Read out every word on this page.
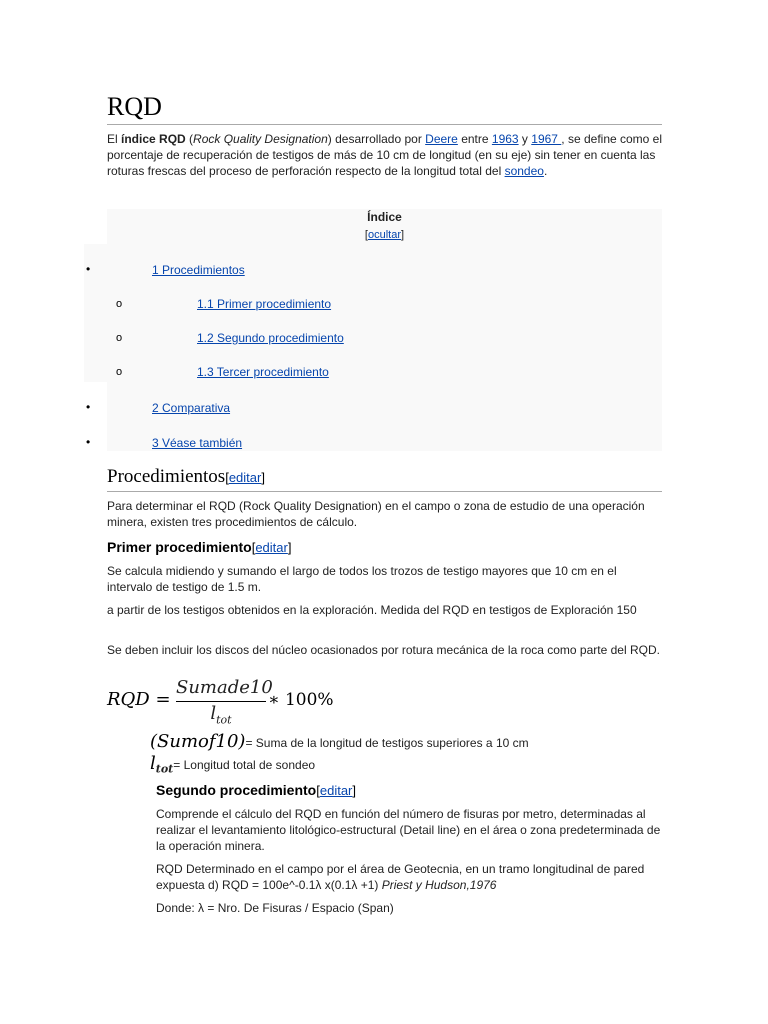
RQD
El índice RQD (Rock Quality Designation) desarrollado por Deere entre 1963 y 1967 , se define como el porcentaje de recuperación de testigos de más de 10 cm de longitud (en su eje) sin tener en cuenta las roturas frescas del proceso de perforación respecto de la longitud total del sondeo.
Índice
[ocultar]
•	1 Procedimientos
o	1.1 Primer procedimiento
o	1.2 Segundo procedimiento
o	1.3 Tercer procedimiento
•	2 Comparativa
•	3 Véase también
Procedimientos[editar]
Para determinar el RQD (Rock Quality Designation) en el campo o zona de estudio de una operación minera, existen tres procedimientos de cálculo.
Primer procedimiento[editar]
Se calcula midiendo y sumando el largo de todos los trozos de testigo mayores que 10 cm en el intervalo de testigo de 1.5 m.
a partir de los testigos obtenidos en la exploración. Medida del RQD en testigos de Exploración 150
Se deben incluir los discos del núcleo ocasionados por rotura mecánica de la roca como parte del RQD.
RQD =
Sumade10
$l_{tot}$
∗ 100%
(Sumof10)= Suma de la longitud de testigos superiores a 10 cm
$l_{tot}=$ Longitud total de sondeo
Segundo procedimiento[editar]
Comprende el cálculo del RQD en función del número de fisuras por metro, determinadas al realizar el levantamiento litológico-estructural (Detail line) en el área o zona predeterminada de la operación minera.
RQD Determinado en el campo por el área de Geotecnia, en un tramo longitudinal de pared expuesta d) RQD = 100e^-0.1λ x(0.1λ +1) Priest y Hudson,1976
Donde: λ = Nro. De Fisuras / Espacio (Span)
